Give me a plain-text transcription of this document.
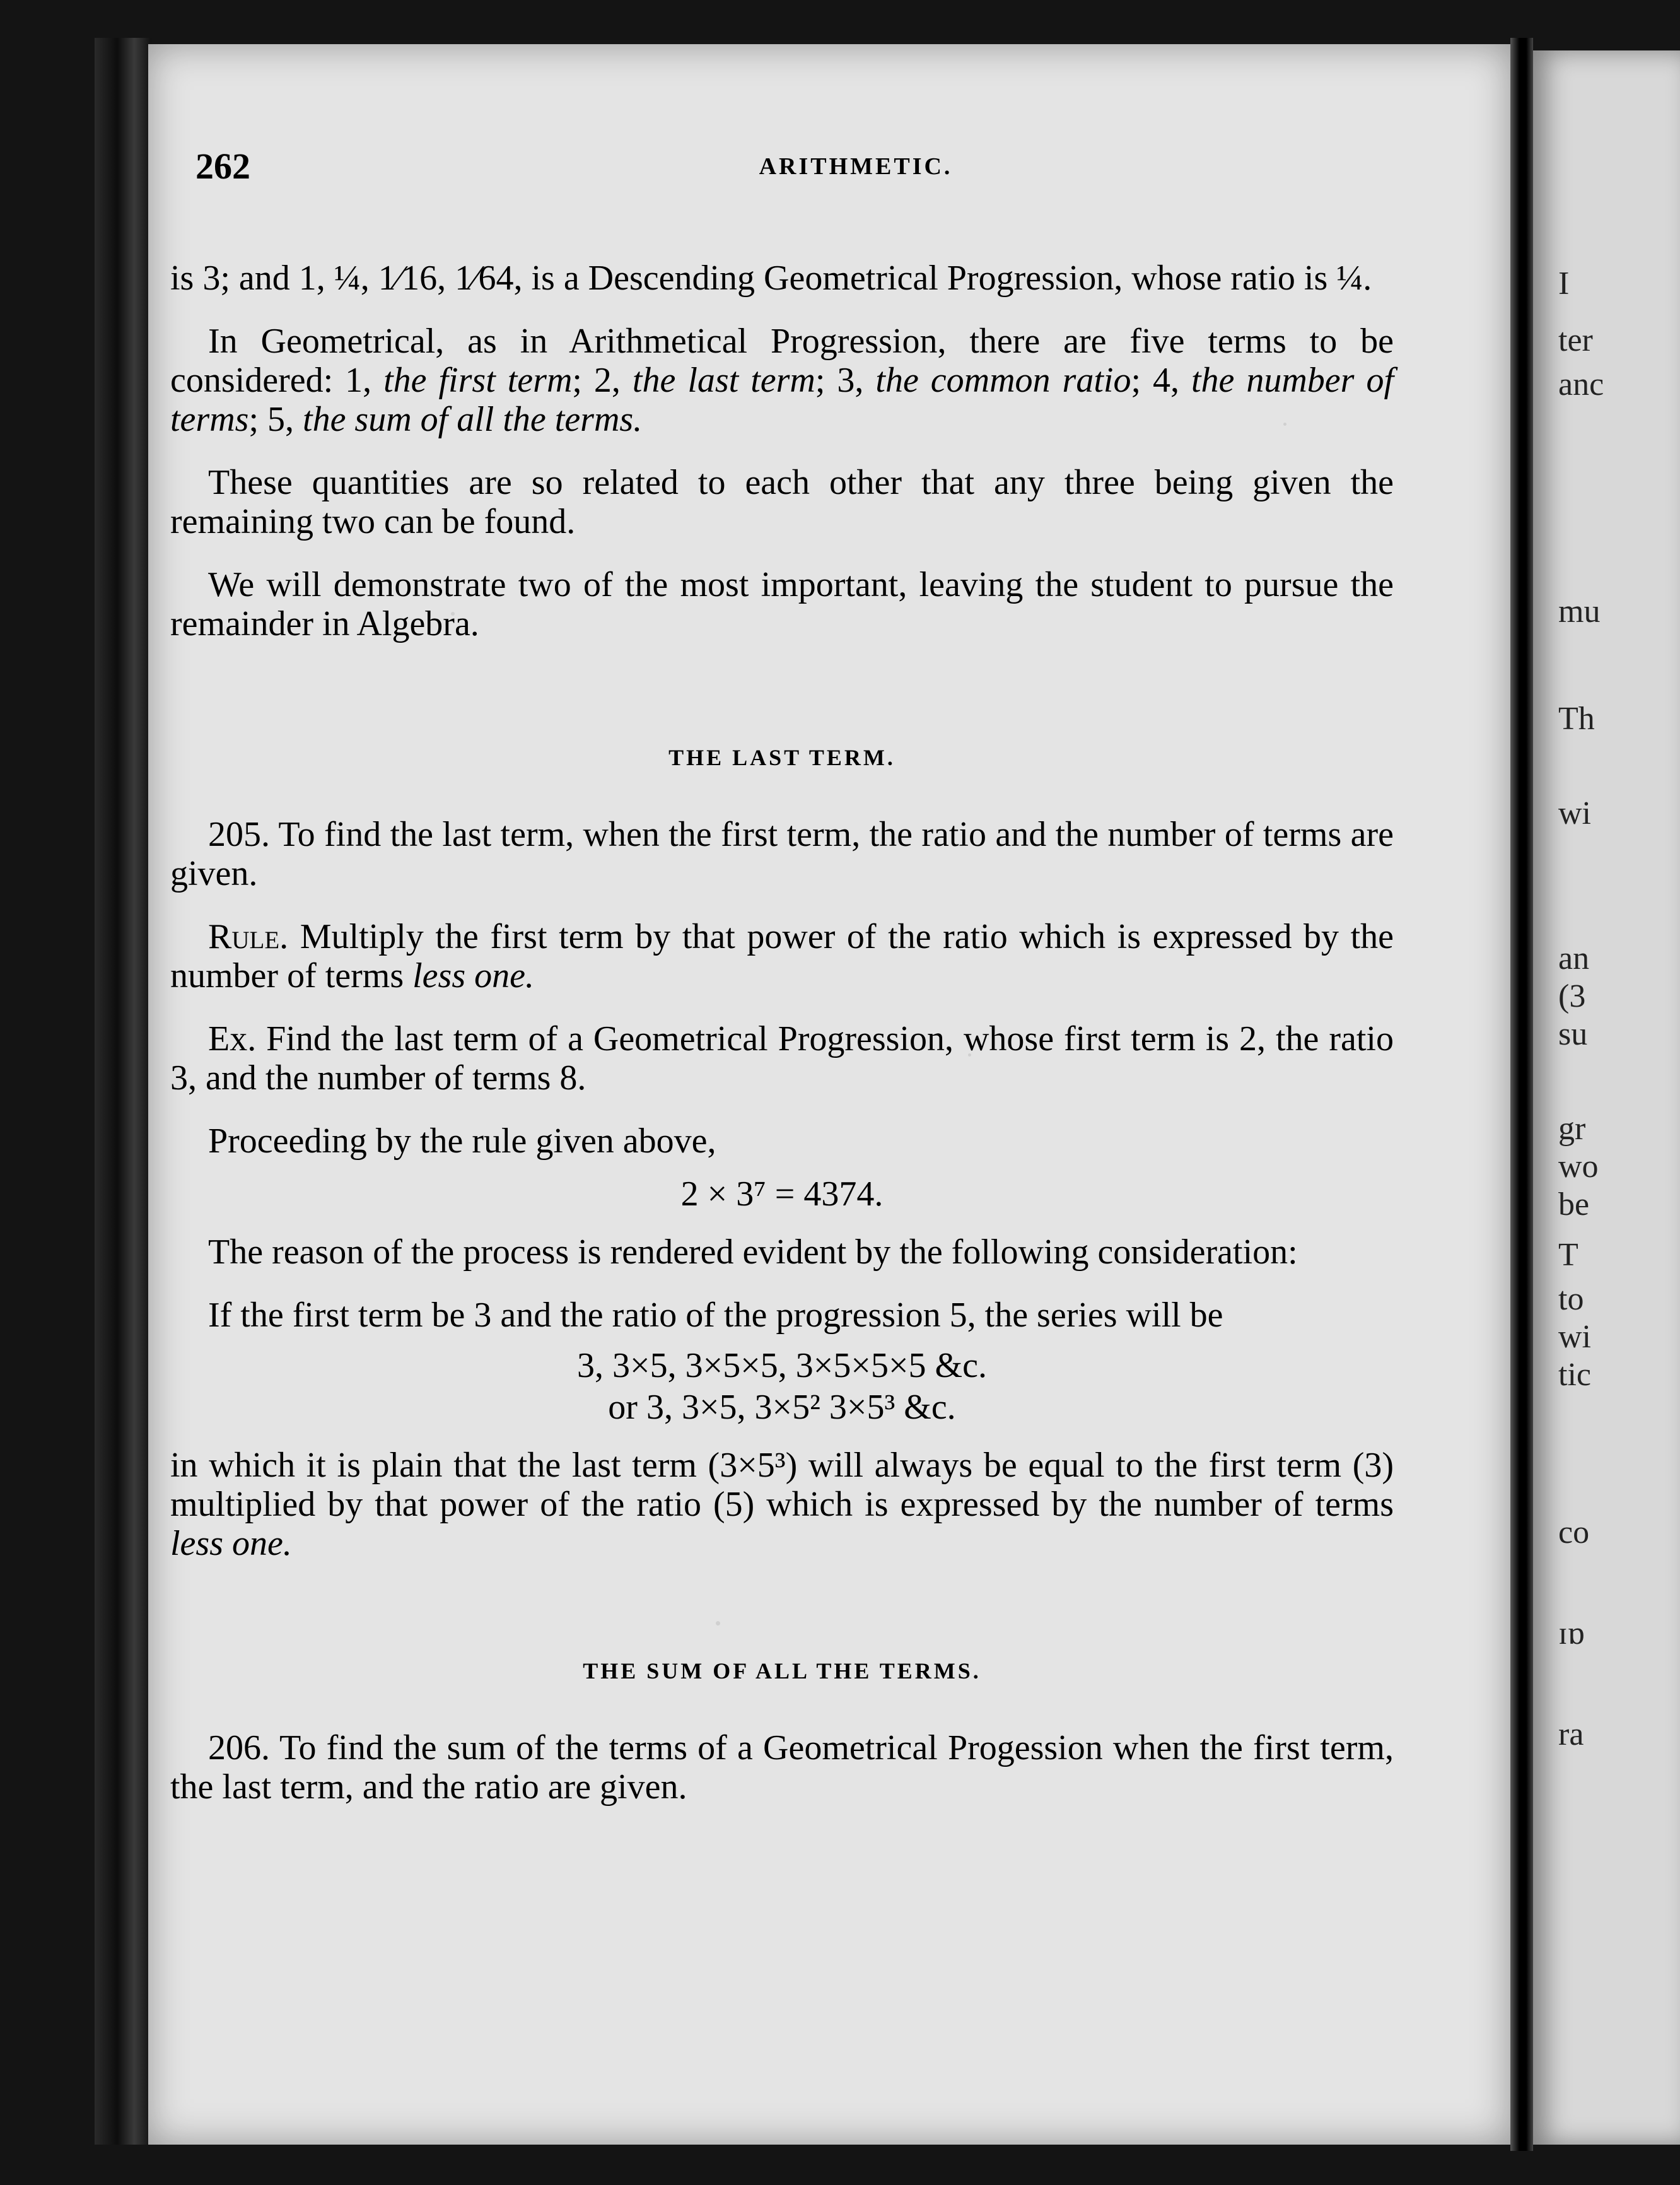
I
ter
anc
mu
Th
wi
an
(3
su
gr
wo
be
T
to
wi
tic
co
ɪɒ
ra
262	ARITHMETIC.

is 3; and 1, ¼, 1⁄16, 1⁄64, is a Descending Geometrical Progression, whose ratio is ¼.

In Geometrical, as in Arithmetical Progression, there are five terms to be considered: 1, the first term; 2, the last term; 3, the common ratio; 4, the number of terms; 5, the sum of all the terms.

These quantities are so related to each other that any three being given the remaining two can be found.

We will demonstrate two of the most important, leaving the student to pursue the remainder in Algebra.

THE LAST TERM.

205. To find the last term, when the first term, the ratio and the number of terms are given.

Rule. Multiply the first term by that power of the ratio which is expressed by the number of terms less one.

Ex. Find the last term of a Geometrical Progression, whose first term is 2, the ratio 3, and the number of terms 8.

Proceeding by the rule given above,

2 × 3⁷ = 4374.

The reason of the process is rendered evident by the following consideration:

If the first term be 3 and the ratio of the progression 5, the series will be

3, 3×5, 3×5×5, 3×5×5×5 &c.
or 3, 3×5, 3×5² 3×5³ &c.

in which it is plain that the last term (3×5³) will always be equal to the first term (3) multiplied by that power of the ratio (5) which is expressed by the number of terms less one.

THE SUM OF ALL THE TERMS.

206. To find the sum of the terms of a Geometrical Progession when the first term, the last term, and the ratio are given.
